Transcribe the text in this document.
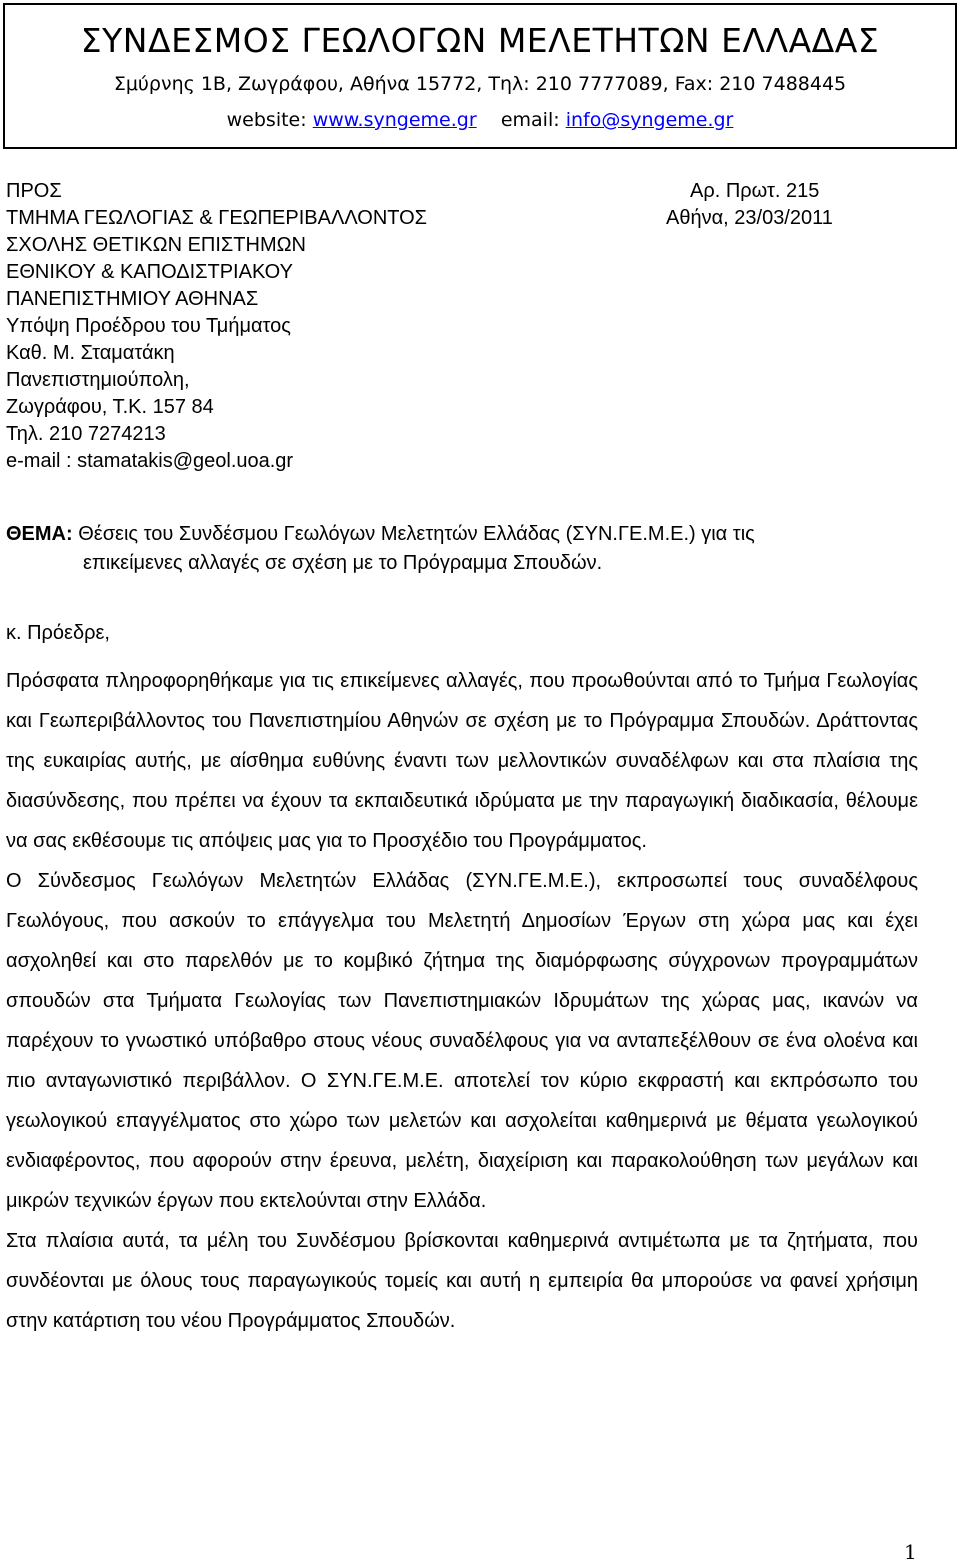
ΣΥΝΔΕΣΜΟΣ ΓΕΩΛΟΓΩΝ ΜΕΛΕΤΗΤΩΝ ΕΛΛΑΔΑΣ
Σμύρνης 1Β, Ζωγράφου, Αθήνα 15772, Τηλ: 210 7777089, Fax: 210 7488445
website: www.syngeme.gr email: info@syngeme.gr
ΠΡΟΣ
ΤΜΗΜΑ ΓΕΩΛΟΓΙΑΣ & ΓΕΩΠΕΡΙΒΑΛΛΟΝΤΟΣ
ΣΧΟΛΗΣ ΘΕΤΙΚΩΝ ΕΠΙΣΤΗΜΩΝ
ΕΘΝΙΚΟΥ & ΚΑΠΟΔΙΣΤΡΙΑΚΟΥ
ΠΑΝΕΠΙΣΤΗΜΙΟΥ ΑΘΗΝΑΣ
Υπόψη Προέδρου του Τμήματος
Καθ. Μ. Σταματάκη
Πανεπιστημιούπολη,
Ζωγράφου, Τ.Κ. 157 84
Τηλ. 210 7274213
e-mail : stamatakis@geol.uoa.gr
Αρ. Πρωτ. 215
Αθήνα, 23/03/2011
ΘΕΜΑ: Θέσεις του Συνδέσμου Γεωλόγων Μελετητών Ελλάδας (ΣΥΝ.ΓΕ.Μ.Ε.) για τις
επικείμενες αλλαγές σε σχέση με το Πρόγραμμα Σπουδών.
κ. Πρόεδρε,

Πρόσφατα πληροφορηθήκαμε για τις επικείμενες αλλαγές, που προωθούνται από το Τμήμα Γεωλογίας και Γεωπεριβάλλοντος του Πανεπιστημίου Αθηνών σε σχέση με το Πρόγραμμα Σπουδών. Δράττοντας της ευκαιρίας αυτής, με αίσθημα ευθύνης έναντι των μελλοντικών συναδέλφων και στα πλαίσια της διασύνδεσης, που πρέπει να έχουν τα εκπαιδευτικά ιδρύματα με την παραγωγική διαδικασία, θέλουμε να σας εκθέσουμε τις απόψεις μας για το Προσχέδιο του Προγράμματος.

Ο Σύνδεσμος Γεωλόγων Μελετητών Ελλάδας (ΣΥΝ.ΓΕ.Μ.Ε.), εκπροσωπεί τους συναδέλφους Γεωλόγους, που ασκούν το επάγγελμα του Μελετητή Δημοσίων Έργων στη χώρα μας και έχει ασχοληθεί και στο παρελθόν με το κομβικό ζήτημα της διαμόρφωσης σύγχρονων προγραμμάτων σπουδών στα Τμήματα Γεωλογίας των Πανεπιστημιακών Ιδρυμάτων της χώρας μας, ικανών να παρέχουν το γνωστικό υπόβαθρο στους νέους συναδέλφους για να ανταπεξέλθουν σε ένα ολοένα και πιο ανταγωνιστικό περιβάλλον. Ο ΣΥΝ.ΓΕ.Μ.Ε. αποτελεί τον κύριο εκφραστή και εκπρόσωπο του γεωλογικού επαγγέλματος στο χώρο των μελετών και ασχολείται καθημερινά με θέματα γεωλογικού ενδιαφέροντος, που αφορούν στην έρευνα, μελέτη, διαχείριση και παρακολούθηση των μεγάλων και μικρών τεχνικών έργων που εκτελούνται στην Ελλάδα.

Στα πλαίσια αυτά, τα μέλη του Συνδέσμου βρίσκονται καθημερινά αντιμέτωπα με τα ζητήματα, που συνδέονται με όλους τους παραγωγικούς τομείς και αυτή η εμπειρία θα μπορούσε να φανεί χρήσιμη στην κατάρτιση του νέου Προγράμματος Σπουδών.

1
